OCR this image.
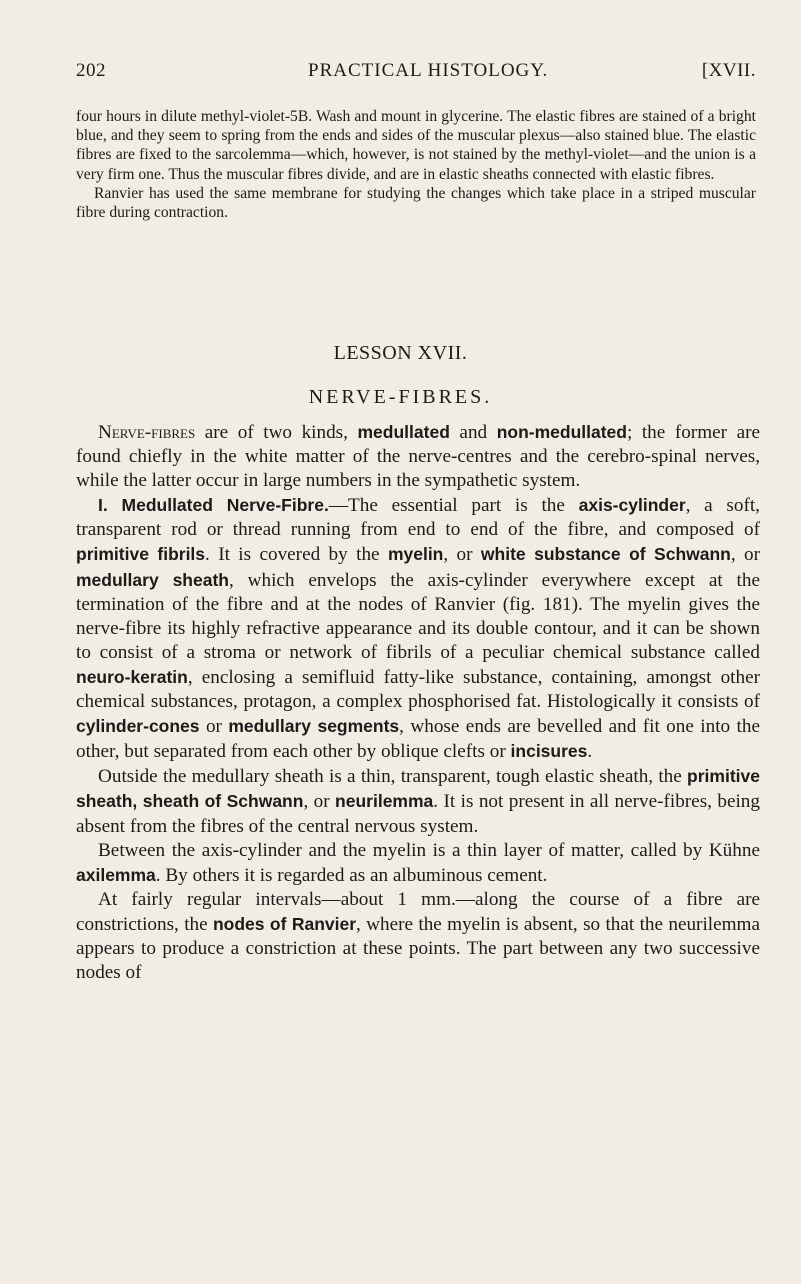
202	PRACTICAL HISTOLOGY.	[XVII.

four hours in dilute methyl-violet-5B. Wash and mount in glycerine. The elastic fibres are stained of a bright blue, and they seem to spring from the ends and sides of the muscular plexus—also stained blue. The elastic fibres are fixed to the sarcolemma—which, however, is not stained by the methyl-violet—and the union is a very firm one. Thus the muscular fibres divide, and are in elastic sheaths connected with elastic fibres.

Ranvier has used the same membrane for studying the changes which take place in a striped muscular fibre during contraction.

LESSON XVII.
NERVE-FIBRES.

Nerve-fibres are of two kinds, medullated and non-medullated; the former are found chiefly in the white matter of the nerve-centres and the cerebro-spinal nerves, while the latter occur in large numbers in the sympathetic system.

I. Medullated Nerve-Fibre.—The essential part is the axis-cylinder, a soft, transparent rod or thread running from end to end of the fibre, and composed of primitive fibrils. It is covered by the myelin, or white substance of Schwann, or medullary sheath, which envelops the axis-cylinder everywhere except at the termination of the fibre and at the nodes of Ranvier (fig. 181). The myelin gives the nerve-fibre its highly refractive appearance and its double contour, and it can be shown to consist of a stroma or network of fibrils of a peculiar chemical substance called neuro-keratin, enclosing a semifluid fatty-like substance, containing, amongst other chemical substances, protagon, a complex phosphorised fat. Histologically it consists of cylinder-cones or medullary segments, whose ends are bevelled and fit one into the other, but separated from each other by oblique clefts or incisures.

Outside the medullary sheath is a thin, transparent, tough elastic sheath, the primitive sheath, sheath of Schwann, or neurilemma. It is not present in all nerve-fibres, being absent from the fibres of the central nervous system.

Between the axis-cylinder and the myelin is a thin layer of matter, called by Kühne axilemma. By others it is regarded as an albuminous cement.

At fairly regular intervals—about 1 mm.—along the course of a fibre are constrictions, the nodes of Ranvier, where the myelin is absent, so that the neurilemma appears to produce a constriction at these points. The part between any two successive nodes of
